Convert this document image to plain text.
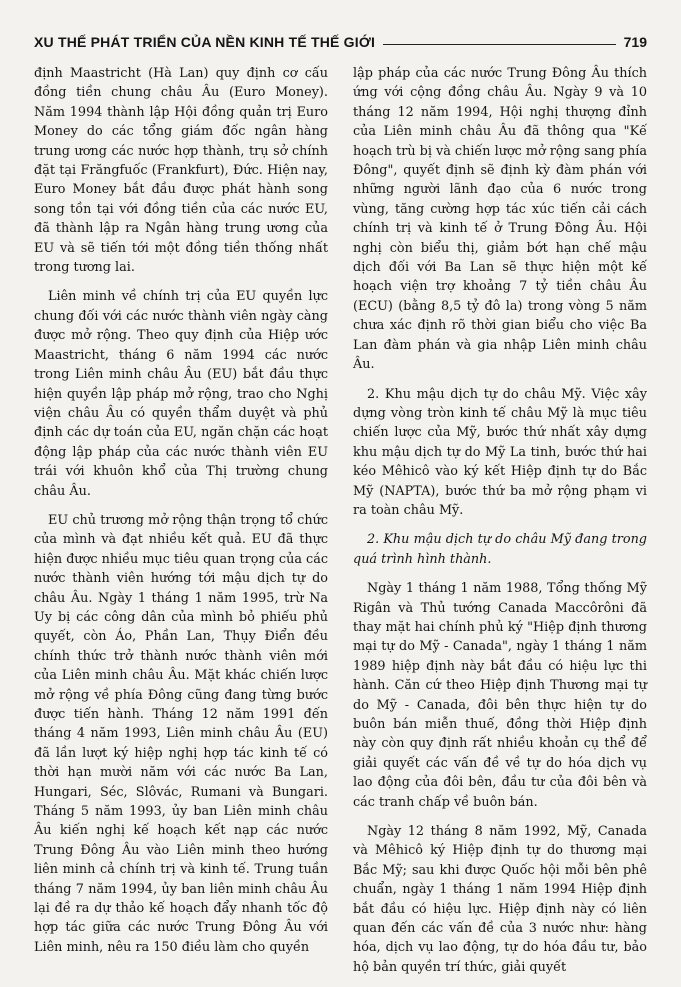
XU THẾ PHÁT TRIỂN CỦA NỀN KINH TẾ THẾ GIỚI	719

định Maastricht (Hà Lan) quy định cơ cấu đồng tiền chung châu Âu (Euro Money). Năm 1994 thành lập Hội đồng quản trị Euro Money do các tổng giám đốc ngân hàng trung ương các nước hợp thành, trụ sở chính đặt tại Frăngfuốc (Frankfurt), Đức. Hiện nay, Euro Money bắt đầu được phát hành song song tồn tại với đồng tiền của các nước EU, đã thành lập ra Ngân hàng trung ương của EU và sẽ tiến tới một đồng tiền thống nhất trong tương lai.

Liên minh về chính trị của EU quyền lực chung đối với các nước thành viên ngày càng được mở rộng. Theo quy định của Hiệp ước Maastricht, tháng 6 năm 1994 các nước trong Liên minh châu Âu (EU) bắt đầu thực hiện quyền lập pháp mở rộng, trao cho Nghị viện châu Âu có quyền thẩm duyệt và phủ định các dự toán của EU, ngăn chặn các hoạt động lập pháp của các nước thành viên EU trái với khuôn khổ của Thị trường chung châu Âu.

EU chủ trương mở rộng thận trọng tổ chức của mình và đạt nhiều kết quả. EU đã thực hiện được nhiều mục tiêu quan trọng của các nước thành viên hướng tới mậu dịch tự do châu Âu. Ngày 1 tháng 1 năm 1995, trừ Na Uy bị các công dân của mình bỏ phiếu phủ quyết, còn Áo, Phần Lan, Thụy Điển đều chính thức trở thành nước thành viên mới của Liên minh châu Âu. Mặt khác chiến lược mở rộng về phía Đông cũng đang từng bước được tiến hành. Tháng 12 năm 1991 đến tháng 4 năm 1993, Liên minh châu Âu (EU) đã lần lượt ký hiệp nghị hợp tác kinh tế có thời hạn mười năm với các nước Ba Lan, Hungari, Séc, Slôvác, Rumani và Bungari. Tháng 5 năm 1993, ủy ban Liên minh châu Âu kiến nghị kế hoạch kết nạp các nước Trung Đông Âu vào Liên minh theo hướng liên minh cả chính trị và kinh tế. Trung tuần tháng 7 năm 1994, ủy ban liên minh châu Âu lại đề ra dự thảo kế hoạch đẩy nhanh tốc độ hợp tác giữa các nước Trung Đông Âu với Liên minh, nêu ra 150 điều làm cho quyền

lập pháp của các nước Trung Đông Âu thích ứng với cộng đồng châu Âu. Ngày 9 và 10 tháng 12 năm 1994, Hội nghị thượng đỉnh của Liên minh châu Âu đã thông qua "Kế hoạch trù bị và chiến lược mở rộng sang phía Đông", quyết định sẽ định kỳ đàm phán với những người lãnh đạo của 6 nước trong vùng, tăng cường hợp tác xúc tiến cải cách chính trị và kinh tế ở Trung Đông Âu. Hội nghị còn biểu thị, giảm bớt hạn chế mậu dịch đối với Ba Lan sẽ thực hiện một kế hoạch viện trợ khoảng 7 tỷ tiền châu Âu (ECU) (bằng 8,5 tỷ đô la) trong vòng 5 năm chưa xác định rõ thời gian biểu cho việc Ba Lan đàm phán và gia nhập Liên minh châu Âu.

2. Khu mậu dịch tự do châu Mỹ. Việc xây dựng vòng tròn kinh tế châu Mỹ là mục tiêu chiến lược của Mỹ, bước thứ nhất xây dựng khu mậu dịch tự do Mỹ La tinh, bước thứ hai kéo Mêhicô vào ký kết Hiệp định tự do Bắc Mỹ (NAPTA), bước thứ ba mở rộng phạm vi ra toàn châu Mỹ.

2. Khu mậu dịch tự do châu Mỹ đang trong quá trình hình thành.

Ngày 1 tháng 1 năm 1988, Tổng thống Mỹ Rigân và Thủ tướng Canada Maccôrôni đã thay mặt hai chính phủ ký "Hiệp định thương mại tự do Mỹ - Canada", ngày 1 tháng 1 năm 1989 hiệp định này bắt đầu có hiệu lực thi hành. Căn cứ theo Hiệp định Thương mại tự do Mỹ - Canada, đôi bên thực hiện tự do buôn bán miễn thuế, đồng thời Hiệp định này còn quy định rất nhiều khoản cụ thể để giải quyết các vấn đề về tự do hóa dịch vụ lao động của đôi bên, đầu tư của đôi bên và các tranh chấp về buôn bán.

Ngày 12 tháng 8 năm 1992, Mỹ, Canada và Mêhicô ký Hiệp định tự do thương mại Bắc Mỹ; sau khi được Quốc hội mỗi bên phê chuẩn, ngày 1 tháng 1 năm 1994 Hiệp định bắt đầu có hiệu lực. Hiệp định này có liên quan đến các vấn đề của 3 nước như: hàng hóa, dịch vụ lao động, tự do hóa đầu tư, bảo hộ bản quyền trí thức, giải quyết
